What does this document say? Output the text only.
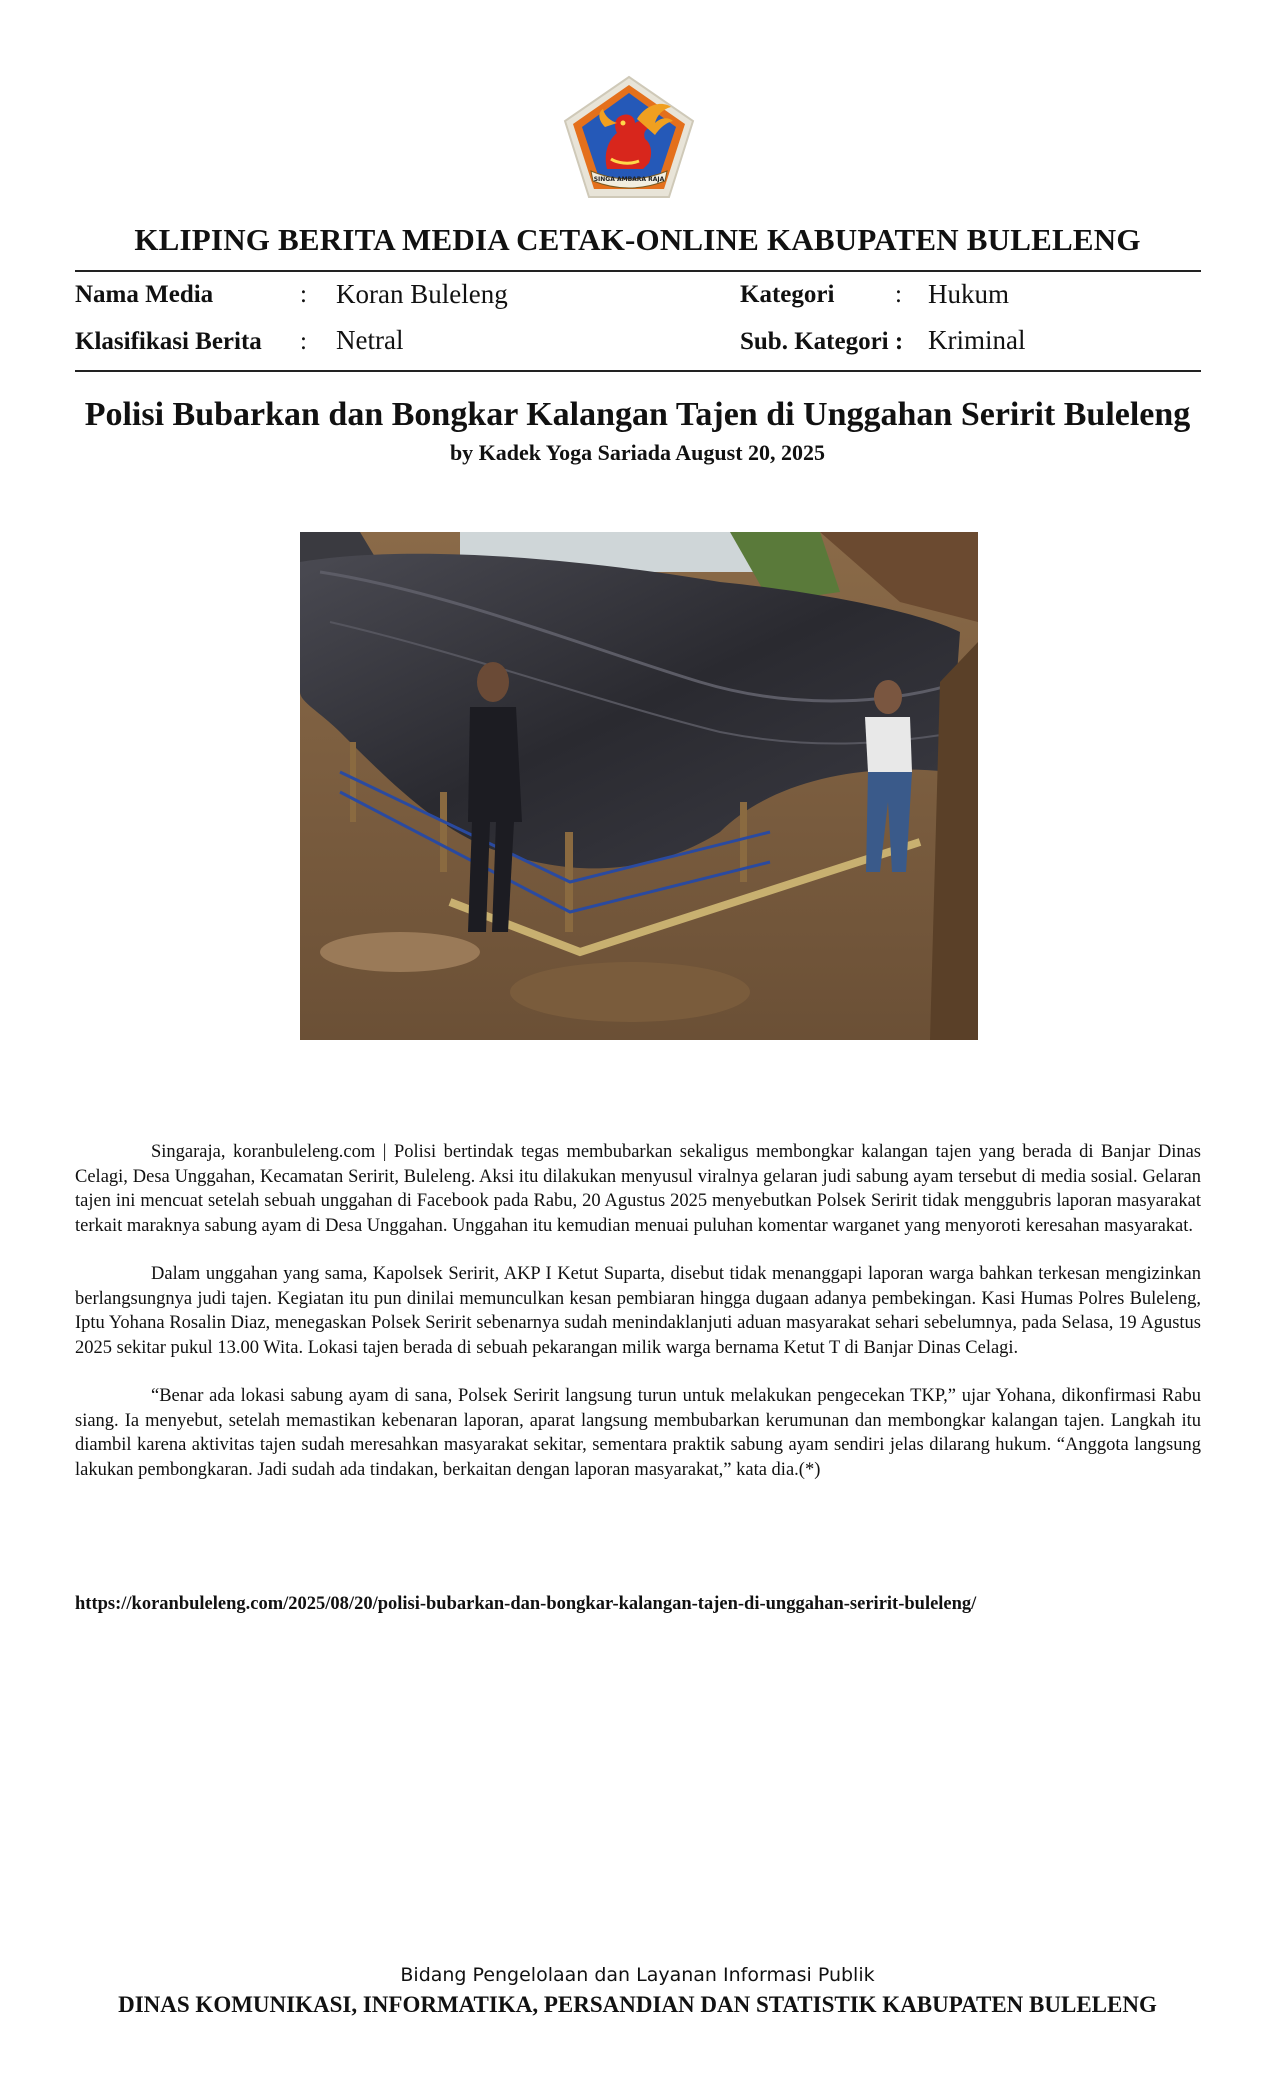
SINGA AMBARA RAJA
KLIPING BERITA MEDIA CETAK-ONLINE KABUPATEN BULELENG
Nama Media	: Koran Buleleng	Kategori : Hukum
Klasifikasi Berita : Netral	Sub. Kategori : Kriminal
Polisi Bubarkan dan Bongkar Kalangan Tajen di Unggahan Seririt Buleleng
by Kadek Yoga Sariada August 20, 2025

Singaraja, koranbuleleng.com | Polisi bertindak tegas membubarkan sekaligus membongkar kalangan tajen yang berada di Banjar Dinas Celagi, Desa Unggahan, Kecamatan Seririt, Buleleng. Aksi itu dilakukan menyusul viralnya gelaran judi sabung ayam tersebut di media sosial. Gelaran tajen ini mencuat setelah sebuah unggahan di Facebook pada Rabu, 20 Agustus 2025 menyebutkan Polsek Seririt tidak menggubris laporan masyarakat terkait maraknya sabung ayam di Desa Unggahan. Unggahan itu kemudian menuai puluhan komentar warganet yang menyoroti keresahan masyarakat.

Dalam unggahan yang sama, Kapolsek Seririt, AKP I Ketut Suparta, disebut tidak menanggapi laporan warga bahkan terkesan mengizinkan berlangsungnya judi tajen. Kegiatan itu pun dinilai memunculkan kesan pembiaran hingga dugaan adanya pembekingan. Kasi Humas Polres Buleleng, Iptu Yohana Rosalin Diaz, menegaskan Polsek Seririt sebenarnya sudah menindaklanjuti aduan masyarakat sehari sebelumnya, pada Selasa, 19 Agustus 2025 sekitar pukul 13.00 Wita. Lokasi tajen berada di sebuah pekarangan milik warga bernama Ketut T di Banjar Dinas Celagi.

“Benar ada lokasi sabung ayam di sana, Polsek Seririt langsung turun untuk melakukan pengecekan TKP,” ujar Yohana, dikonfirmasi Rabu siang. Ia menyebut, setelah memastikan kebenaran laporan, aparat langsung membubarkan kerumunan dan membongkar kalangan tajen. Langkah itu diambil karena aktivitas tajen sudah meresahkan masyarakat sekitar, sementara praktik sabung ayam sendiri jelas dilarang hukum. “Anggota langsung lakukan pembongkaran. Jadi sudah ada tindakan, berkaitan dengan laporan masyarakat,” kata dia.(*)

https://koranbuleleng.com/2025/08/20/polisi-bubarkan-dan-bongkar-kalangan-tajen-di-unggahan-seririt-buleleng/
Bidang Pengelolaan dan Layanan Informasi Publik
DINAS KOMUNIKASI, INFORMATIKA, PERSANDIAN DAN STATISTIK KABUPATEN BULELENG
